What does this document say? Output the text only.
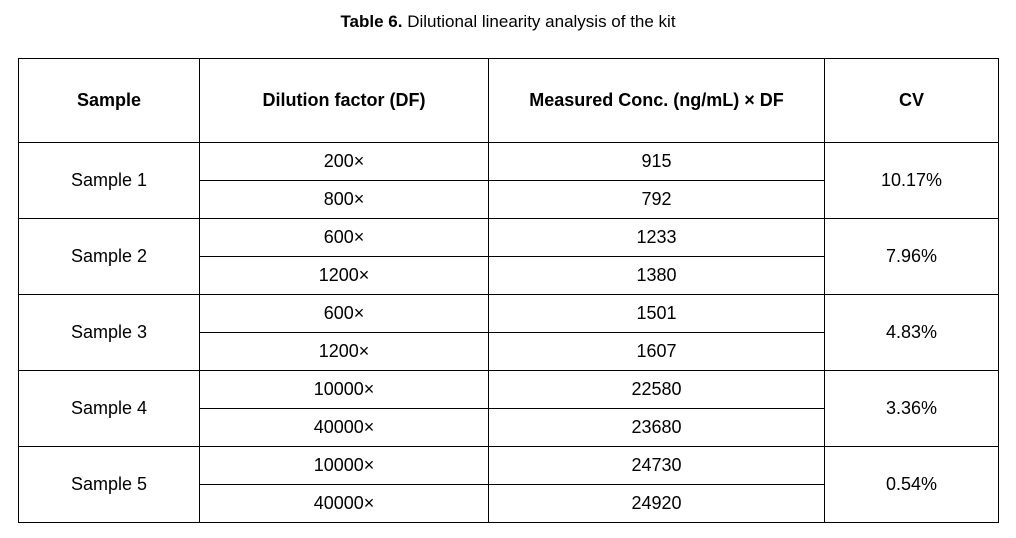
Table 6. Dilutional linearity analysis of the kit
Sample	Dilution factor (DF)	Measured Conc. (ng/mL) × DF	CV
Sample 1	200×	915	10.17%
	800×	792	
Sample 2	600×	1233	7.96%
	1200×	1380	
Sample 3	600×	1501	4.83%
	1200×	1607	
Sample 4	10000×	22580	3.36%
	40000×	23680	
Sample 5	10000×	24730	0.54%
	40000×	24920	
